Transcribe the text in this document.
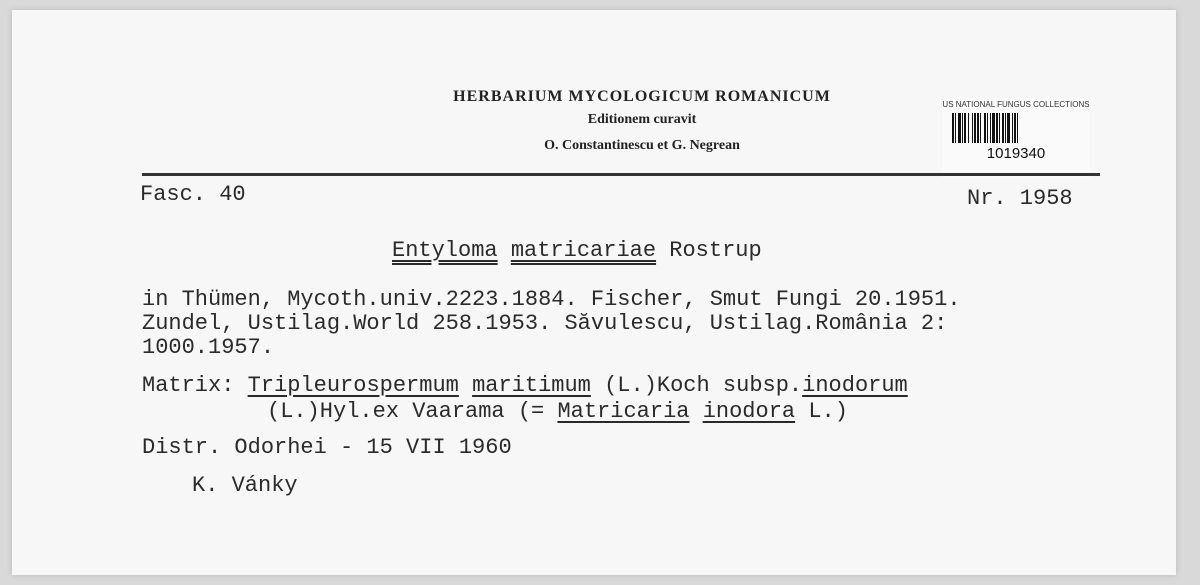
HERBARIUM MYCOLOGICUM ROMANICUM
Editionem curavit
O. Constantinescu et G. Negrean
US NATIONAL FUNGUS COLLECTIONS
1019340
Fasc. 40	Nr. 1958
Entyloma matricariae Rostrup
in Thümen, Mycoth.univ.2223.1884. Fischer, Smut Fungi 20.1951.
Zundel, Ustilag.World 258.1953. Săvulescu, Ustilag.România 2:
1000.1957.
Matrix: Tripleurospermum maritimum (L.)Koch subsp.inodorum
(L.)Hyl.ex Vaarama (= Matricaria inodora L.)
Distr. Odorhei - 15 VII 1960
K. Vánky
